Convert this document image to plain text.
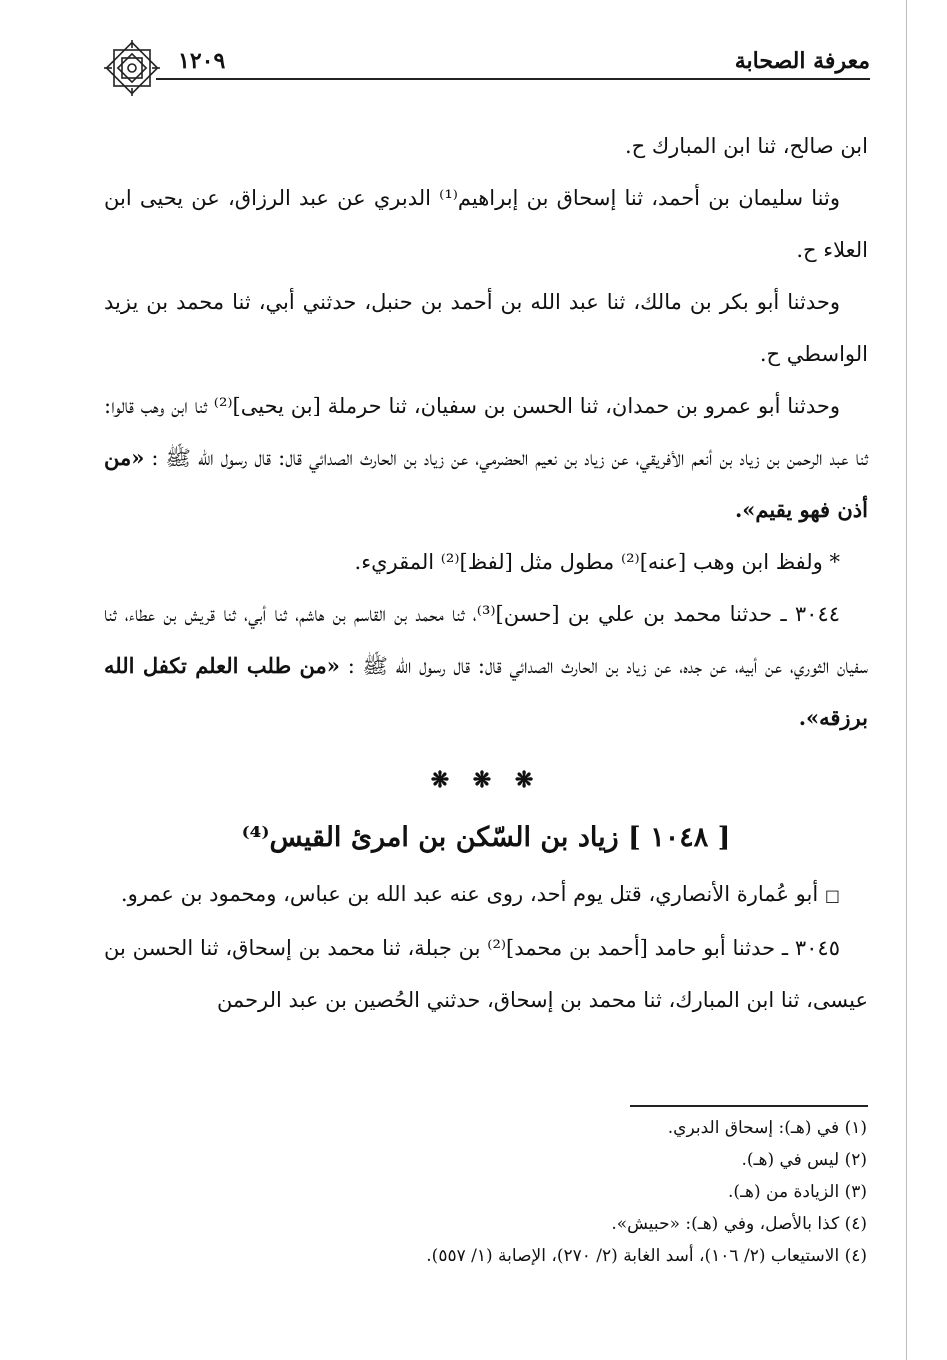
معرفة الصحابة
١٢٠٩

ابن صالح، ثنا ابن المبارك ح.

وثنا سليمان بن أحمد، ثنا إسحاق بن إبراهيم⁽¹⁾ الدبري عن عبد الرزاق، عن يحيى ابن العلاء ح.

وحدثنا أبو بكر بن مالك، ثنا عبد الله بن أحمد بن حنبل، حدثني أبي، ثنا محمد بن يزيد الواسطي ح.

وحدثنا أبو عمرو بن حمدان، ثنا الحسن بن سفيان، ثنا حرملة [بن يحيى]⁽²⁾ ثنا ابن وهب قالوا: ثنا عبد الرحمن بن زياد بن أنعم الأفريقي، عن زياد بن نعيم الحضرمي، عن زياد بن الحارث الصدائي قال: قال رسول الله ﷺ : «من أذن فهو يقيم».

* ولفظ ابن وهب [عنه]⁽²⁾ مطول مثل [لفظ]⁽²⁾ المقريء.

٣٠٤٤ ـ حدثنا محمد بن علي بن [حسن]⁽³⁾، ثنا محمد بن القاسم بن هاشم، ثنا أبي، ثنا قريش بن عطاء، ثنا سفيان الثوري، عن أبيه، عن جده، عن زياد بن الحارث الصدائي قال: قال رسول الله ﷺ : «من طلب العلم تكفل الله برزقه».

❋ ❋ ❋
[ ١٠٤٨ ] زياد بن السّكن بن امرئ القيس⁽⁴⁾

□ أبو عُمارة الأنصاري، قتل يوم أحد، روى عنه عبد الله بن عباس، ومحمود بن عمرو.

٣٠٤٥ ـ حدثنا أبو حامد [أحمد بن محمد]⁽²⁾ بن جبلة، ثنا محمد بن إسحاق، ثنا الحسن بن عيسى، ثنا ابن المبارك، ثنا محمد بن إسحاق، حدثني الحُصين بن عبد الرحمن

(١) في (هـ): إسحاق الدبري.
(٢) ليس في (هـ).
(٣) الزيادة من (هـ).
(٤) كذا بالأصل، وفي (هـ): «حبيش».
(٤) الاستيعاب (٢/ ١٠٦)، أسد الغابة (٢/ ٢٧٠)، الإصابة (١/ ٥٥٧).
